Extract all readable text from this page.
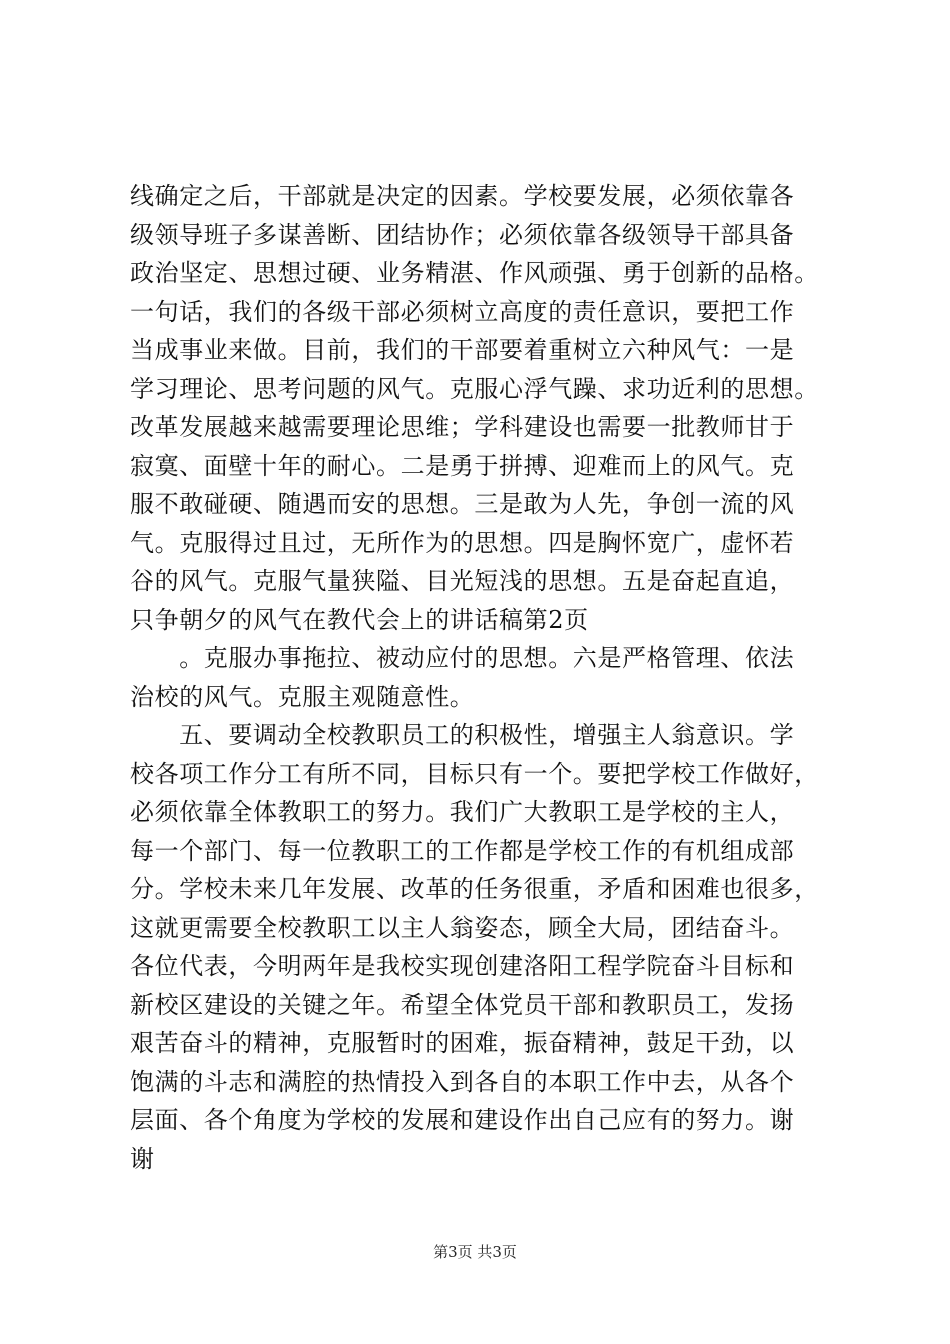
线确定之后，干部就是决定的因素。学校要发展，必须依靠各
级领导班子多谋善断、团结协作；必须依靠各级领导干部具备
政治坚定、思想过硬、业务精湛、作风顽强、勇于创新的品格。
一句话，我们的各级干部必须树立高度的责任意识，要把工作
当成事业来做。目前，我们的干部要着重树立六种风气：一是
学习理论、思考问题的风气。克服心浮气躁、求功近利的思想。
改革发展越来越需要理论思维；学科建设也需要一批教师甘于
寂寞、面壁十年的耐心。二是勇于拼搏、迎难而上的风气。克
服不敢碰硬、随遇而安的思想。三是敢为人先，争创一流的风
气。克服得过且过，无所作为的思想。四是胸怀宽广，虚怀若
谷的风气。克服气量狭隘、目光短浅的思想。五是奋起直追，
只争朝夕的风气在教代会上的讲话稿第2页
　　。克服办事拖拉、被动应付的思想。六是严格管理、依法
治校的风气。克服主观随意性。
　　五、要调动全校教职员工的积极性，增强主人翁意识。学
校各项工作分工有所不同，目标只有一个。要把学校工作做好，
必须依靠全体教职工的努力。我们广大教职工是学校的主人，
每一个部门、每一位教职工的工作都是学校工作的有机组成部
分。学校未来几年发展、改革的任务很重，矛盾和困难也很多，
这就更需要全校教职工以主人翁姿态，顾全大局，团结奋斗。
各位代表，今明两年是我校实现创建洛阳工程学院奋斗目标和
新校区建设的关键之年。希望全体党员干部和教职员工，发扬
艰苦奋斗的精神，克服暂时的困难，振奋精神，鼓足干劲，以
饱满的斗志和满腔的热情投入到各自的本职工作中去，从各个
层面、各个角度为学校的发展和建设作出自己应有的努力。谢
谢
第3页 共3页
